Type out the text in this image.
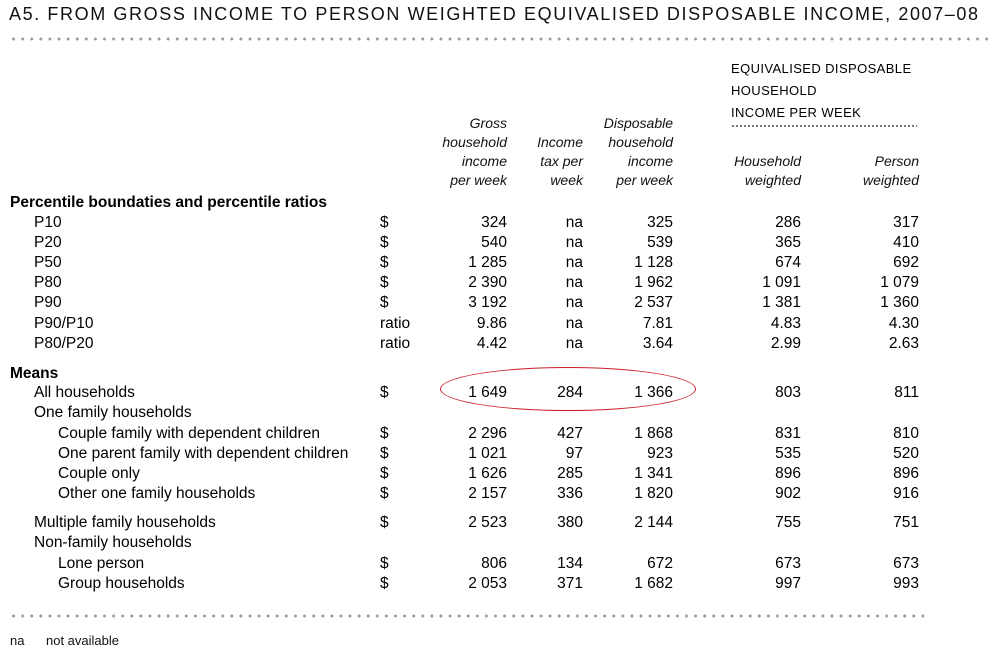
A5. FROM GROSS INCOME TO PERSON WEIGHTED EQUIVALISED DISPOSABLE INCOME, 2007–08
EQUIVALISED DISPOSABLE
HOUSEHOLD
INCOME PER WEEK
Gross
household
income
per week
Income
tax per
week
Disposable
household
income
per week
Household
weighted
Person
weighted
Percentile boundaties and percentile ratios
P10	$	324	na	325	286	317
P20	$	540	na	539	365	410
P50	$	1 285	na	1 128	674	692
P80	$	2 390	na	1 962	1 091	1 079
P90	$	3 192	na	2 537	1 381	1 360
P90/P10	ratio	9.86	na	7.81	4.83	4.30
P80/P20	ratio	4.42	na	3.64	2.99	2.63
Means
All households	$	1 649	284	1 366	803	811
One family households
Couple family with dependent children	$	2 296	427	1 868	831	810
One parent family with dependent children $	1 021	97	923	535	520
Couple only	$	1 626	285	1 341	896	896
Other one family households	$	2 157	336	1 820	902	916
Multiple family households	$	2 523	380	2 144	755	751
Non-family households
Lone person	$	806	134	672	673	673
Group households	$	2 053	371	1 682	997	993
na not available
